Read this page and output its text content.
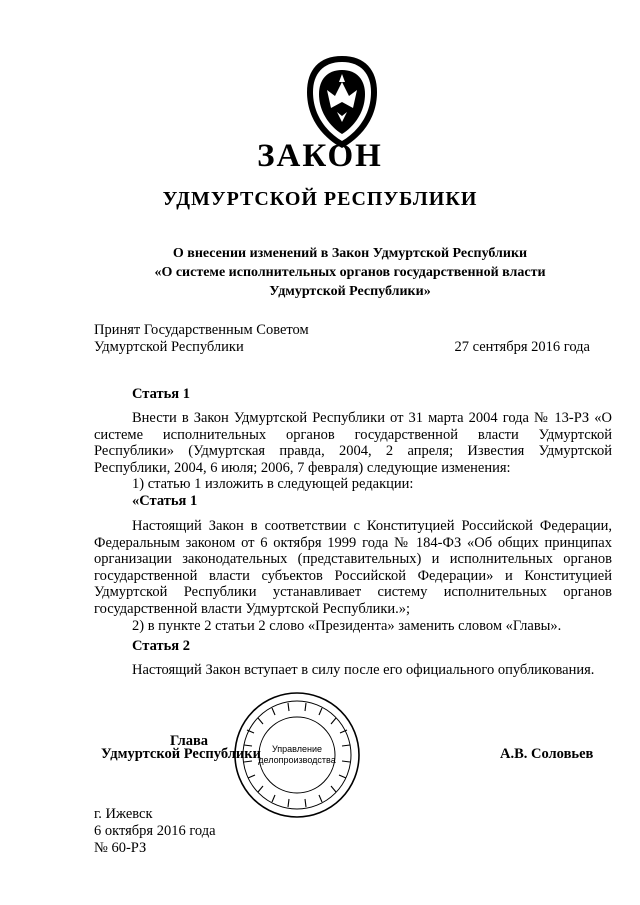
ЗАКОН
УДМУРТСКОЙ РЕСПУБЛИКИ
О внесении изменений в Закон Удмуртской Республики
«О системе исполнительных органов государственной власти
Удмуртской Республики»
Принят Государственным Советом
Удмуртской Республики	27 сентября 2016 года
Статья 1

Внести в Закон Удмуртской Республики от 31 марта 2004 года № 13-РЗ «О системе исполнительных органов государственной власти Удмуртской Республики» (Удмуртская правда, 2004, 2 апреля; Известия Удмуртской Республики, 2004, 6 июля; 2006, 7 февраля) следующие изменения:

1) статью 1 изложить в следующей редакции:

«Статья 1

Настоящий Закон в соответствии с Конституцией Российской Федерации, Федеральным законом от 6 октября 1999 года № 184-ФЗ «Об общих принципах организации законодательных (представительных) и исполнительных органов государственной власти субъектов Российской Федерации» и Конституцией Удмуртской Республики устанавливает систему исполнительных органов государственной власти Удмуртской Республики.»;

2) в пункте 2 статьи 2 слово «Президента» заменить словом «Главы».

Статья 2

Настоящий Закон вступает в силу после его официального опубликования.

Управление
делопроизводства
Глава
Удмуртской Республики	А.В. Соловьев
г. Ижевск
6 октября 2016 года
№ 60-РЗ
